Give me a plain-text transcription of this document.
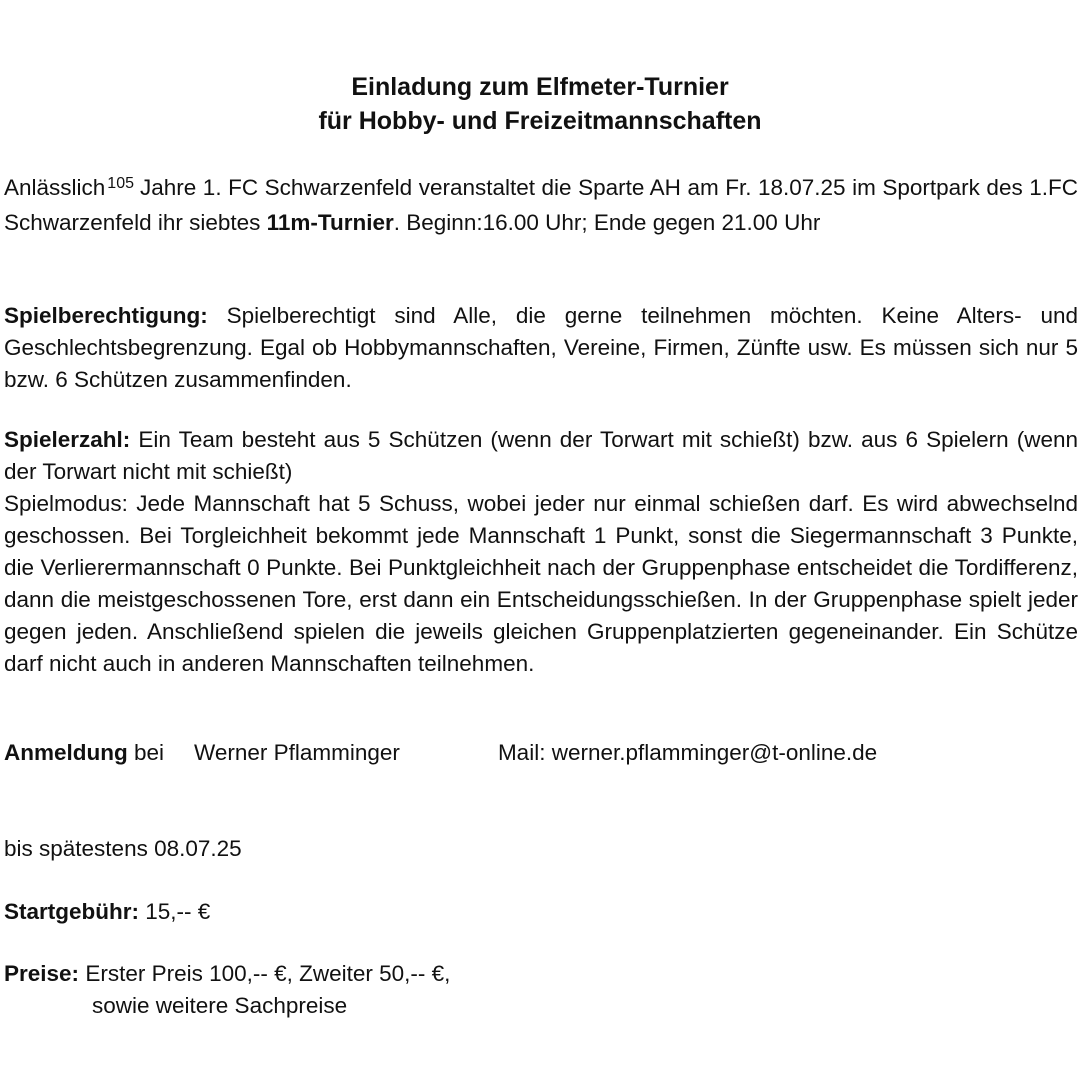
Einladung zum Elfmeter-Turnier
für Hobby- und Freizeitmannschaften

Anlässlich $^{105}$ Jahre 1. FC Schwarzenfeld veranstaltet die Sparte AH am Fr. 18.07.25 im Sportpark des 1.FC Schwarzenfeld ihr siebtes 11m-Turnier. Beginn:16.00 Uhr; Ende gegen 21.00 Uhr

Spielberechtigung: Spielberechtigt sind Alle, die gerne teilnehmen möchten. Keine Alters- und Geschlechtsbegrenzung. Egal ob Hobbymannschaften, Vereine, Firmen, Zünfte usw. Es müssen sich nur 5 bzw. 6 Schützen zusammenfinden.

Spielerzahl: Ein Team besteht aus 5 Schützen (wenn der Torwart mit schießt) bzw. aus 6 Spielern (wenn der Torwart nicht mit schießt)

Spielmodus: Jede Mannschaft hat 5 Schuss, wobei jeder nur einmal schießen darf. Es wird abwechselnd geschossen. Bei Torgleichheit bekommt jede Mannschaft 1 Punkt, sonst die Siegermannschaft 3 Punkte, die Verlierermannschaft 0 Punkte. Bei Punktgleichheit nach der Gruppenphase entscheidet die Tordifferenz, dann die meistgeschossenen Tore, erst dann ein Entscheidungsschießen. In der Gruppenphase spielt jeder gegen jeden. Anschließend spielen die jeweils gleichen Gruppenplatzierten gegeneinander. Ein Schütze darf nicht auch in anderen Mannschaften teilnehmen.

Anmeldung bei Werner Pflamminger	Mail: werner.pflamminger@t-online.de

bis spätestens 08.07.25

Startgebühr: 15,-- €

Preise: Erster Preis 100,-- €, Zweiter 50,-- €,

sowie weitere Sachpreise
